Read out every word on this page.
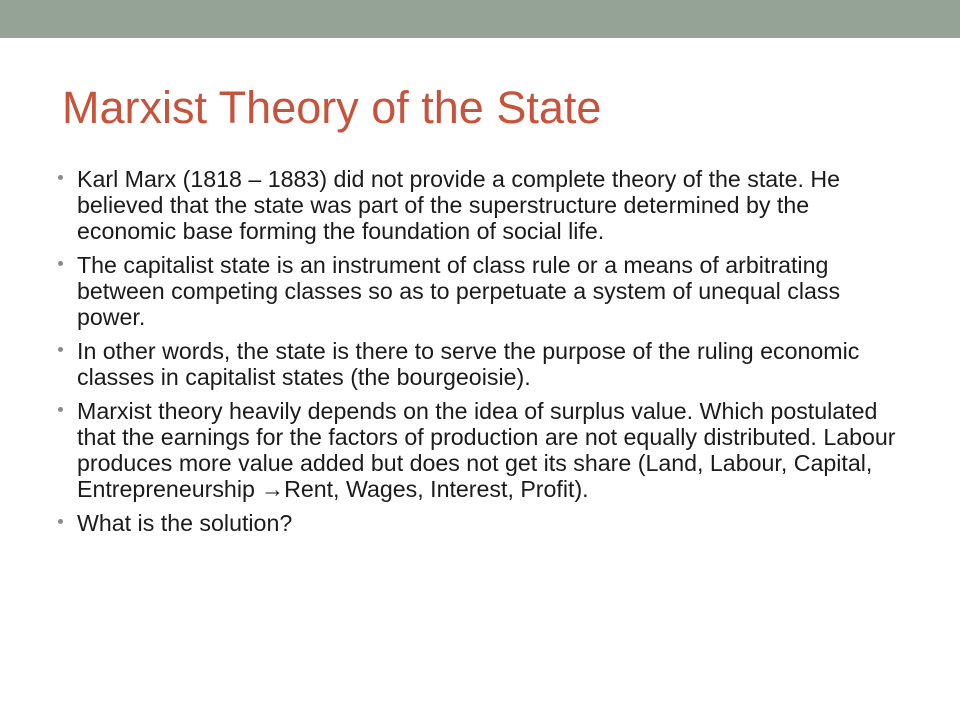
Marxist Theory of the State
Karl Marx (1818 – 1883) did not provide a complete theory of the state. He believed that the state was part of the superstructure determined by the economic base forming the foundation of social life.
The capitalist state is an instrument of class rule or a means of arbitrating between competing classes so as to perpetuate a system of unequal class power.
In other words, the state is there to serve the purpose of the ruling economic classes in capitalist states (the bourgeoisie).
Marxist theory heavily depends on the idea of surplus value. Which postulated that the earnings for the factors of production are not equally distributed. Labour produces more value added but does not get its share (Land, Labour, Capital, Entrepreneurship →Rent, Wages, Interest, Profit).
What is the solution?
